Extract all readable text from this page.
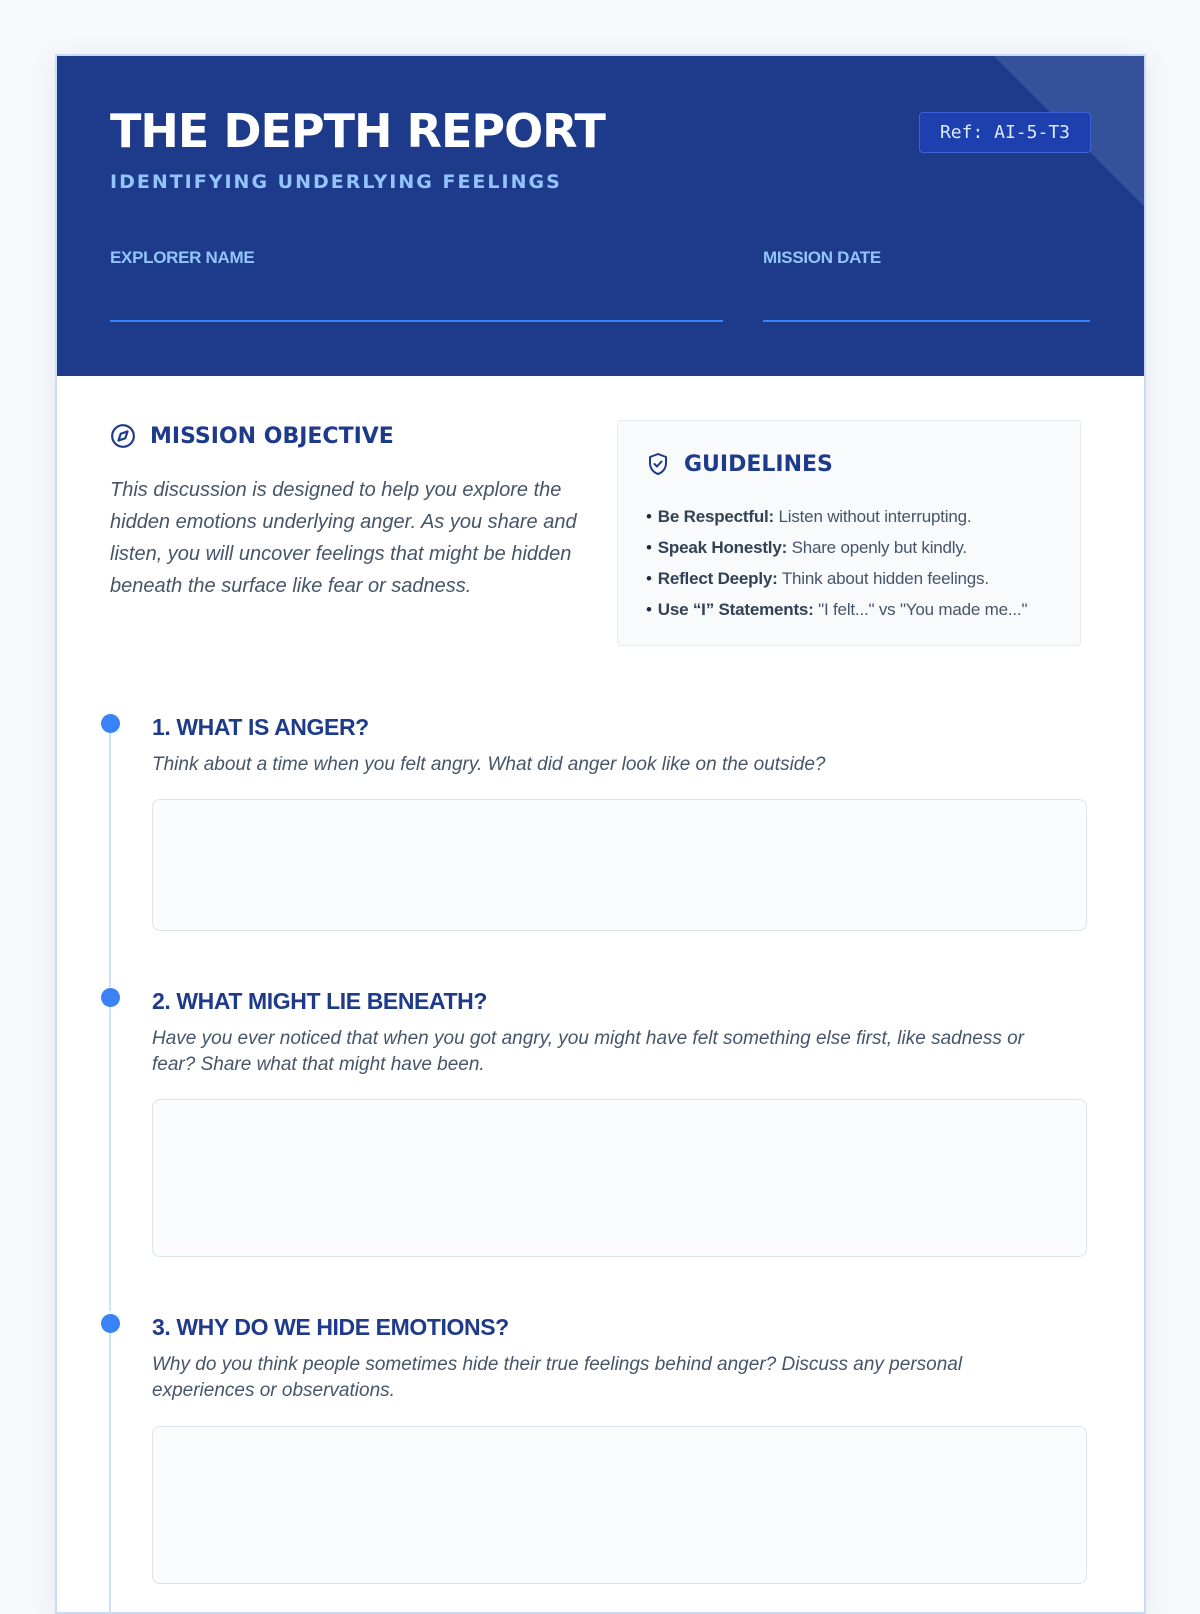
THE DEPTH REPORT
IDENTIFYING UNDERLYING FEELINGS
Ref: AI-5-T3
EXPLORER NAME	MISSION DATE
MISSION OBJECTIVE

This discussion is designed to help you explore the hidden emotions underlying anger. As you share and listen, you will uncover feelings that might be hidden beneath the surface like fear or sadness.

GUIDELINES
• Be Respectful: Listen without interrupting.
• Speak Honestly: Share openly but kindly.
• Reflect Deeply: Think about hidden feelings.
• Use “I” Statements: "I felt..." vs "You made me..."
1. WHAT IS ANGER?

Think about a time when you felt angry. What did anger look like on the outside?

2. WHAT MIGHT LIE BENEATH?

Have you ever noticed that when you got angry, you might have felt something else first, like sadness or fear? Share what that might have been.

3. WHY DO WE HIDE EMOTIONS?

Why do you think people sometimes hide their true feelings behind anger? Discuss any personal experiences or observations.
